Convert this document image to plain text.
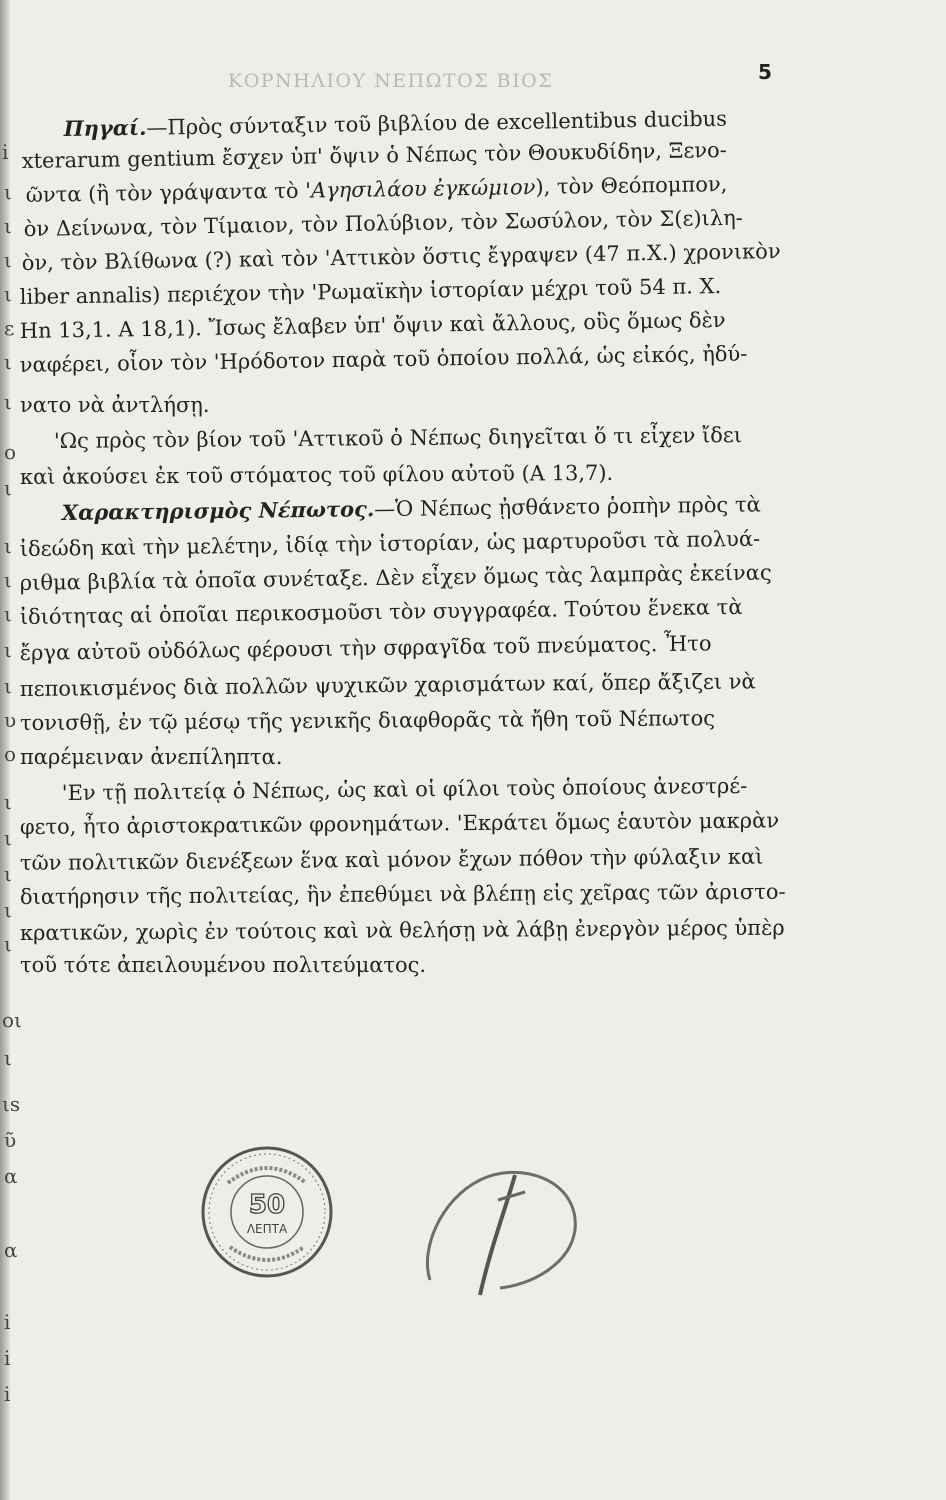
ΚΟΡΝΗΛΙΟΥ ΝΕΠΩΤΟΣ ΒΙΟΣ	5
Πηγαί.—Πρὸς σύνταξιν τοῦ βιβλίου de excellentibus ducibus
xterarum gentium ἔσχεν ὑπ' ὄψιν ὁ Νέπως τὸν Θουκυδίδην, Ξενο-
ῶντα (ἢ τὸν γράψαντα τὸ 'Αγησιλάου ἐγκώμιον), τὸν Θεόπομπον,
ὸν Δείνωνα, τὸν Τίμαιον, τὸν Πολύβιον, τὸν Σωσύλον, τὸν Σ(ε)ιλη-
ὸν, τὸν Βλίθωνα (?) καὶ τὸν 'Αττικὸν ὅστις ἔγραψεν (47 π.Χ.) χρονικὸν
liber annalis) περιέχον τὴν 'Ρωμαϊκὴν ἱστορίαν μέχρι τοῦ 54 π. Χ.
Ηn 13,1. A 18,1). Ἴσως ἔλαβεν ὑπ' ὄψιν καὶ ἄλλους, οὓς ὅμως δὲν
ναφέρει, οἷον τὸν 'Ηρόδοτον παρὰ τοῦ ὁποίου πολλά, ὡς εἰκός, ἠδύ-
νατο νὰ ἀντλήσῃ.
'Ως πρὸς τὸν βίον τοῦ 'Αττικοῦ ὁ Νέπως διηγεῖται ὅ τι εἶχεν ἴδει
καὶ ἀκούσει ἐκ τοῦ στόματος τοῦ φίλου αὐτοῦ (A 13,7).
Χαρακτηρισμὸς Νέπωτος.—Ὁ Νέπως ᾐσθάνετο ῥοπὴν πρὸς τὰ
ἰδεώδη καὶ τὴν μελέτην, ἰδίᾳ τὴν ἱστορίαν, ὡς μαρτυροῦσι τὰ πολυά-
ριθμα βιβλία τὰ ὁποῖα συνέταξε. Δὲν εἶχεν ὅμως τὰς λαμπρὰς ἐκείνας
ἰδιότητας αἱ ὁποῖαι περικοσμοῦσι τὸν συγγραφέα. Τούτου ἕνεκα τὰ
ἔργα αὐτοῦ οὐδόλως φέρουσι τὴν σφραγῖδα τοῦ πνεύματος. Ἦτο
πεποικισμένος διὰ πολλῶν ψυχικῶν χαρισμάτων καί, ὅπερ ἄξιζει νὰ
τονισθῇ, ἐν τῷ μέσῳ τῆς γενικῆς διαφθορᾶς τὰ ἤθη τοῦ Νέπωτος
παρέμειναν ἀνεπίληπτα.
'Εν τῇ πολιτείᾳ ὁ Νέπως, ὡς καὶ οἱ φίλοι τοὺς ὁποίους ἀνεστρέ-
φετο, ἦτο ἀριστοκρατικῶν φρονημάτων. 'Εκράτει ὅμως ἑαυτὸν μακρὰν
τῶν πολιτικῶν διενέξεων ἕνα καὶ μόνον ἔχων πόθον τὴν φύλαξιν καὶ
διατήρησιν τῆς πολιτείας, ἣν ἐπεθύμει νὰ βλέπῃ εἰς χεῖρας τῶν ἀριστο-
κρατικῶν, χωρὶς ἐν τούτοις καὶ νὰ θελήσῃ νὰ λάβῃ ἐνεργὸν μέρος ὑπὲρ
τοῦ τότε ἀπειλουμένου πολιτεύματος.
i
ι
ι
ι
ι
ε
ι
ι
ο
ι
ι
ι
ι
ι
ι
υ
ο
ι
ι
ι
ι
ι
οι
ι
ιs
ῦ
α
α
i
i
i
50
ΛΕΠΤΑ
